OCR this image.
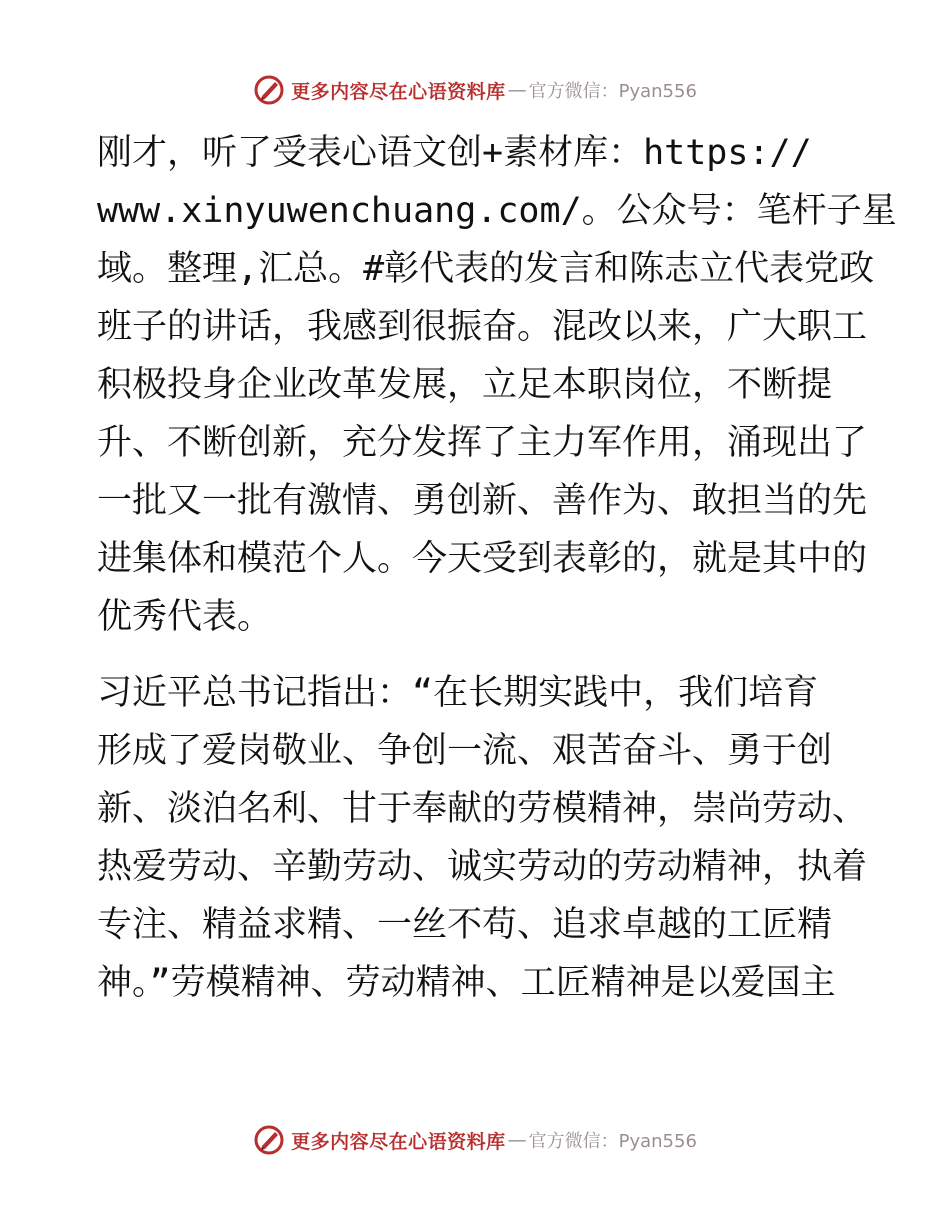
更多内容尽在心语资料库 — 官方微信：Pyan556
刚才，听了受表心语文创+素材库：https://
www.xinyuwenchuang.com/。公众号：笔杆子星
域。整理,汇总。#彰代表的发言和陈志立代表党政
班子的讲话，我感到很振奋。混改以来，广大职工
积极投身企业改革发展，立足本职岗位，不断提
升、不断创新，充分发挥了主力军作用，涌现出了
一批又一批有激情、勇创新、善作为、敢担当的先
进集体和模范个人。今天受到表彰的，就是其中的
优秀代表。
习近平总书记指出：“在长期实践中，我们培育
形成了爱岗敬业、争创一流、艰苦奋斗、勇于创
新、淡泊名利、甘于奉献的劳模精神，崇尚劳动、
热爱劳动、辛勤劳动、诚实劳动的劳动精神，执着
专注、精益求精、一丝不苟、追求卓越的工匠精
神。”劳模精神、劳动精神、工匠精神是以爱国主
更多内容尽在心语资料库 — 官方微信：Pyan556
